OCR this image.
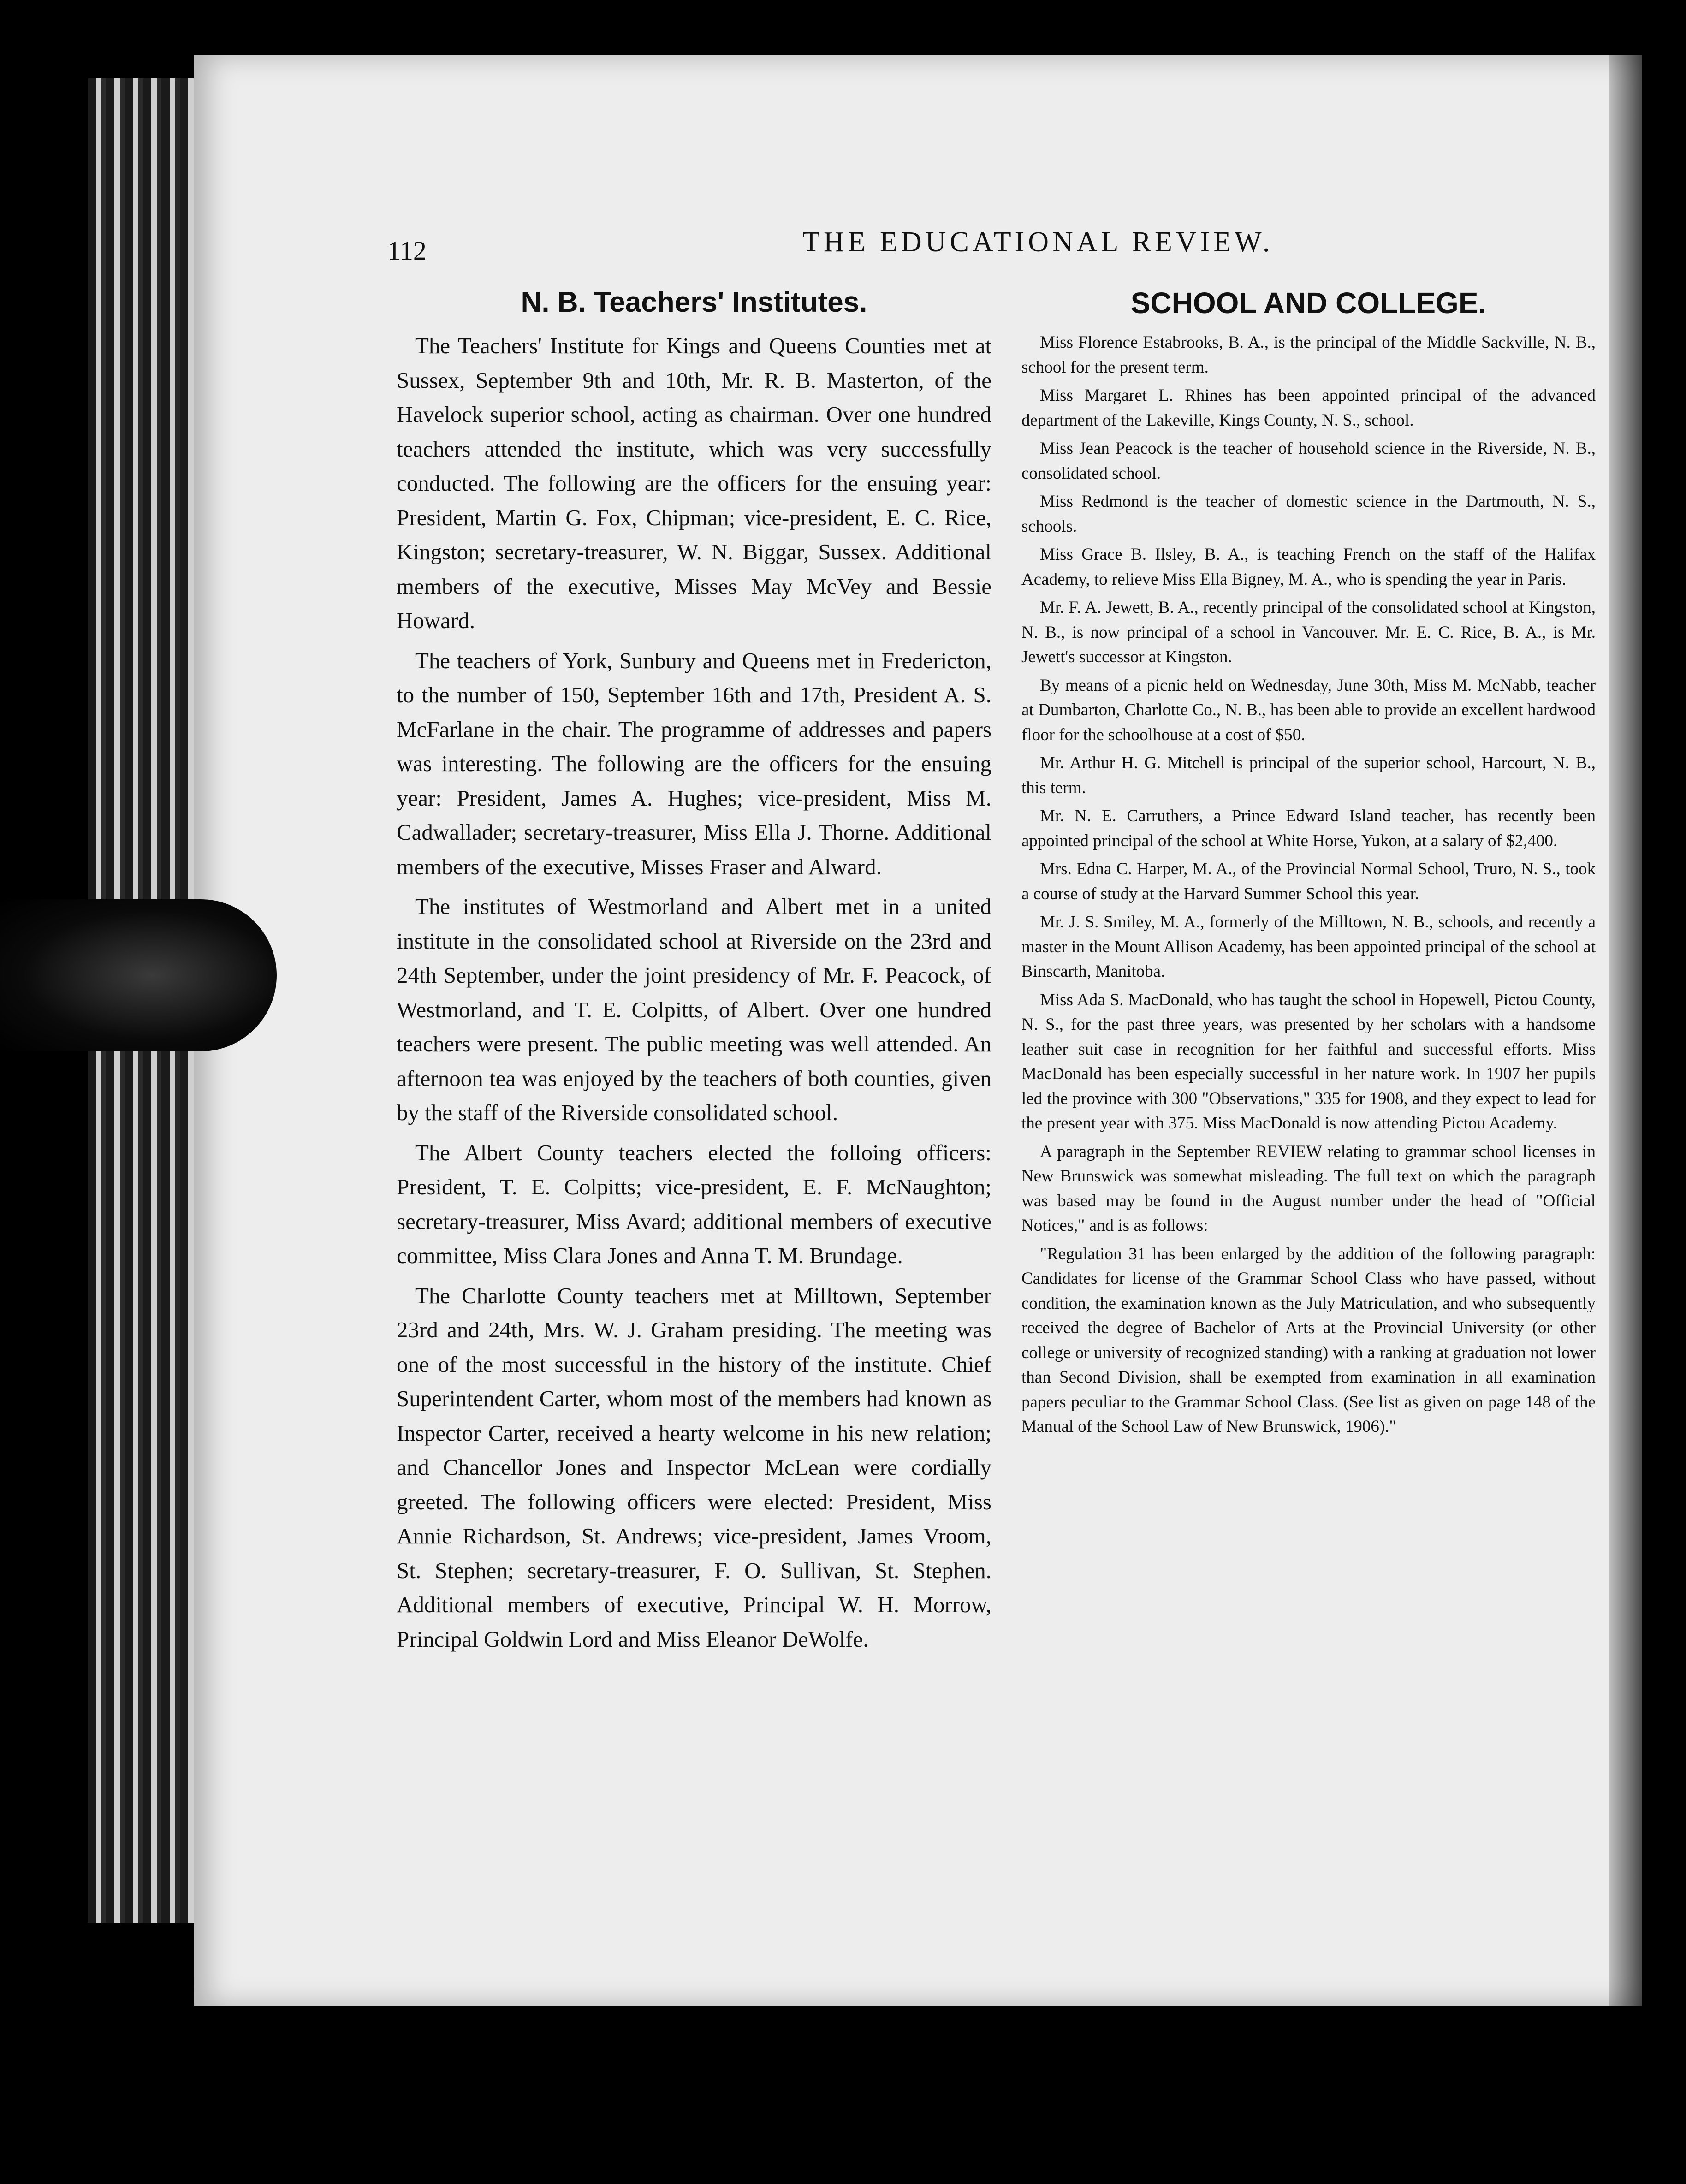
112	THE EDUCATIONAL REVIEW.
N. B. Teachers' Institutes.

The Teachers' Institute for Kings and Queens Counties met at Sussex, September 9th and 10th, Mr. R. B. Masterton, of the Havelock superior school, acting as chairman. Over one hundred teachers attended the institute, which was very successfully conducted. The following are the officers for the ensuing year: President, Martin G. Fox, Chipman; vice-president, E. C. Rice, Kingston; secretary-treasurer, W. N. Biggar, Sussex. Additional members of the executive, Misses May McVey and Bessie Howard.

The teachers of York, Sunbury and Queens met in Fredericton, to the number of 150, September 16th and 17th, President A. S. McFarlane in the chair. The programme of addresses and papers was interesting. The following are the officers for the ensuing year: President, James A. Hughes; vice-president, Miss M. Cadwallader; secretary-treasurer, Miss Ella J. Thorne. Additional members of the executive, Misses Fraser and Alward.

The institutes of Westmorland and Albert met in a united institute in the consolidated school at Riverside on the 23rd and 24th September, under the joint presidency of Mr. F. Peacock, of Westmorland, and T. E. Colpitts, of Albert. Over one hundred teachers were present. The public meeting was well attended. An afternoon tea was enjoyed by the teachers of both counties, given by the staff of the Riverside consolidated school.

The Albert County teachers elected the folloing officers: President, T. E. Colpitts; vice-president, E. F. McNaughton; secretary-treasurer, Miss Avard; additional members of executive committee, Miss Clara Jones and Anna T. M. Brundage.

The Charlotte County teachers met at Milltown, September 23rd and 24th, Mrs. W. J. Graham presiding. The meeting was one of the most successful in the history of the institute. Chief Superintendent Carter, whom most of the members had known as Inspector Carter, received a hearty welcome in his new relation; and Chancellor Jones and Inspector McLean were cordially greeted. The following officers were elected: President, Miss Annie Richardson, St. Andrews; vice-president, James Vroom, St. Stephen; secretary-treasurer, F. O. Sullivan, St. Stephen. Additional members of executive, Principal W. H. Morrow, Principal Goldwin Lord and Miss Eleanor DeWolfe.

SCHOOL AND COLLEGE.

Miss Florence Estabrooks, B. A., is the principal of the Middle Sackville, N. B., school for the present term.

Miss Margaret L. Rhines has been appointed principal of the advanced department of the Lakeville, Kings County, N. S., school.

Miss Jean Peacock is the teacher of household science in the Riverside, N. B., consolidated school.

Miss Redmond is the teacher of domestic science in the Dartmouth, N. S., schools.

Miss Grace B. Ilsley, B. A., is teaching French on the staff of the Halifax Academy, to relieve Miss Ella Bigney, M. A., who is spending the year in Paris.

Mr. F. A. Jewett, B. A., recently principal of the consolidated school at Kingston, N. B., is now principal of a school in Vancouver. Mr. E. C. Rice, B. A., is Mr. Jewett's successor at Kingston.

By means of a picnic held on Wednesday, June 30th, Miss M. McNabb, teacher at Dumbarton, Charlotte Co., N. B., has been able to provide an excellent hardwood floor for the schoolhouse at a cost of $50.

Mr. Arthur H. G. Mitchell is principal of the superior school, Harcourt, N. B., this term.

Mr. N. E. Carruthers, a Prince Edward Island teacher, has recently been appointed principal of the school at White Horse, Yukon, at a salary of $2,400.

Mrs. Edna C. Harper, M. A., of the Provincial Normal School, Truro, N. S., took a course of study at the Harvard Summer School this year.

Mr. J. S. Smiley, M. A., formerly of the Milltown, N. B., schools, and recently a master in the Mount Allison Academy, has been appointed principal of the school at Binscarth, Manitoba.

Miss Ada S. MacDonald, who has taught the school in Hopewell, Pictou County, N. S., for the past three years, was presented by her scholars with a handsome leather suit case in recognition for her faithful and successful efforts. Miss MacDonald has been especially successful in her nature work. In 1907 her pupils led the province with 300 "Observations," 335 for 1908, and they expect to lead for the present year with 375. Miss MacDonald is now attending Pictou Academy.

A paragraph in the September REVIEW relating to grammar school licenses in New Brunswick was somewhat misleading. The full text on which the paragraph was based may be found in the August number under the head of "Official Notices," and is as follows:

"Regulation 31 has been enlarged by the addition of the following paragraph: Candidates for license of the Grammar School Class who have passed, without condition, the examination known as the July Matriculation, and who subsequently received the degree of Bachelor of Arts at the Provincial University (or other college or university of recognized standing) with a ranking at graduation not lower than Second Division, shall be exempted from examination in all examination papers peculiar to the Grammar School Class. (See list as given on page 148 of the Manual of the School Law of New Brunswick, 1906)."
